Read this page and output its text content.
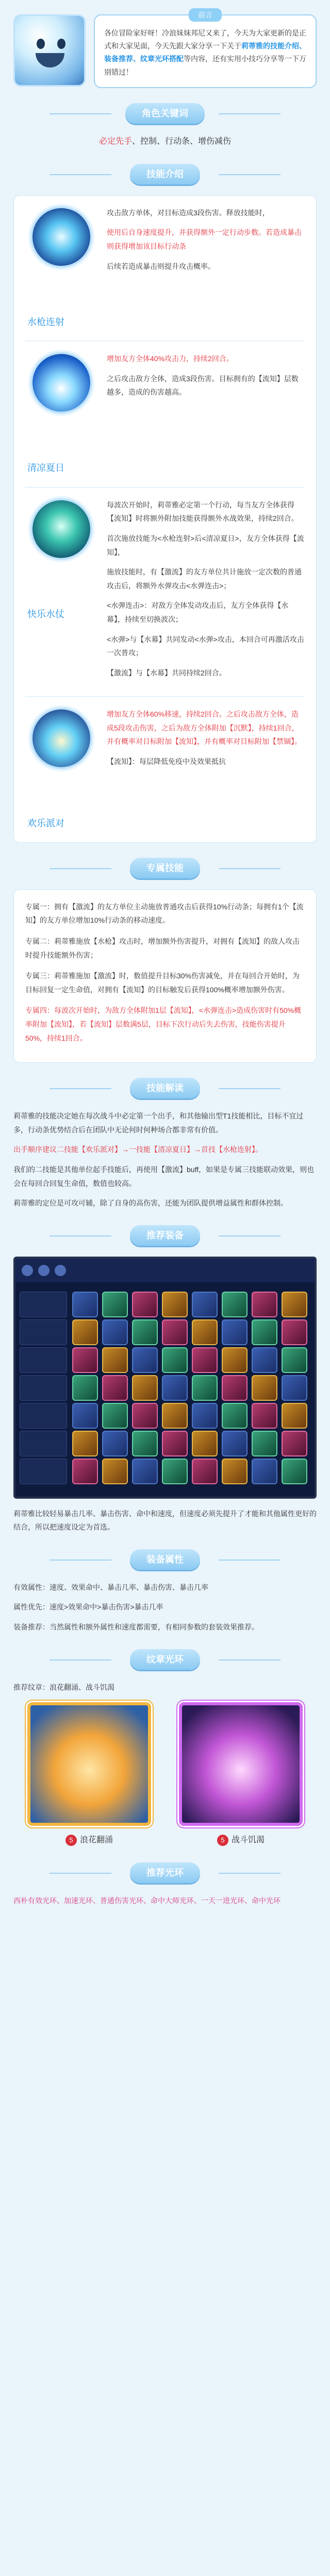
前言

各位冒险家好呀！冷浪妹妹邦尼又来了，今天为大家更新的是正式和大家见面，今天先跟大家分享一下关于莉蒂雅的技能介绍、装备推荐、纹章光环搭配等内容，还有实用小技巧分享等一下万别错过！

角色关键词

必定先手、控制、行动条、增伤减伤

技能介绍
水枪连射

攻击敌方单体，对目标造成3段伤害。释放技能时，

使用后自身速度提升，并获得额外一定行动步数。若造成暴击则获得增加该目标行动条

后续若造成暴击则提升攻击概率。

清凉夏日

增加友方全体40%攻击力，持续2回合。

之后攻击敌方全体，造成3段伤害。目标拥有的【流知】层数越多，造成的伤害越高。

快乐水仗

每波次开始时，莉蒂雅必定第一个行动，每当友方全体获得【流知】时将额外附加技能获得额外水战效果，持续2回合。

首次施放技能为<水枪连射>后<清凉夏日>，友方全体获得【流知】，

施放技能时，有【激流】的友方单位共计施放一定次数的普通攻击后，将额外水弹攻击<水弹连击>；

<水弹连击>：对敌方全体发动攻击后，友方全体获得【水幕】，持续至切换波次；

<水弹>与【水幕】共同发动<水弹>攻击，本回合可再激活攻击一次普攻；

【激流】与【水幕】共同持续2回合。

欢乐派对

增加友方全体60%移速，持续2回合。之后攻击敌方全体，造成5段攻击伤害，之后为敌方全体附加【沉默】，持续1回合，并有概率对目标附加【流知】，并有概率对目标附加【禁锢】。

【流知】：每层降低免疫中及效果抵抗

专属技能

专属一：拥有【激流】的友方单位主动施放普通攻击后获得10%行动条；每拥有1个【流知】的友方单位增加10%行动条的移动速度。

专属二：莉蒂雅施放【水枪】攻击时，增加额外伤害提升，对拥有【流知】的敌人攻击时提升技能额外伤害；

专属三：莉蒂雅施加【激流】时，数值提升目标30%伤害减免，并在每回合开始时，为目标回复一定生命值，对拥有【流知】的目标触发后获得100%概率增加额外伤害。

专属四：每波次开始时，为敌方全体附加1层【流知】，<水弹连击>造成伤害时有50%概率附加【流知】，若【流知】层数满5层，目标下次行动后失去伤害，技能伤害提升50%，持续1回合。

技能解读

莉蒂雅的技能决定她在每次战斗中必定第一个出手，和其他输出型T1技能相比，目标不宜过多，行动条优势结合后在团队中无论何时何种场合都非常有价值。

出手顺序建议二技能【欢乐派对】→一技能【清凉夏日】→首技【水枪连射】。

我们的二技能是其他单位起手技能后，再使用【激流】buff，如果是专属三技能联动效果，则也会在每回合回复生命值，数值也较高。

莉蒂雅的定位是可攻可辅，除了自身的高伤害，还能为团队提供增益属性和群体控制。

推荐装备

莉蒂雅比较轻易暴击几率、暴击伤害、命中和速度，但速度必须先提升了才能和其他属性更好的结合，所以把速度设定为首选。

装备属性

有效属性：速度、效果命中、暴击几率、暴击伤害、暴击几率

属性优先：速度>效果命中>暴击伤害>暴击几率

装备推荐：当然属性和额外属性和速度都需要，有相同参数的套装效果推荐。

纹章光环

推荐纹章：浪花翻涌、战斗饥渴

5 浪花翻涌	5 战斗饥渴
推荐光环

西朴有效光环、加速光环、普通伤害光环、命中大师光环、一天一进光环、命中光环
